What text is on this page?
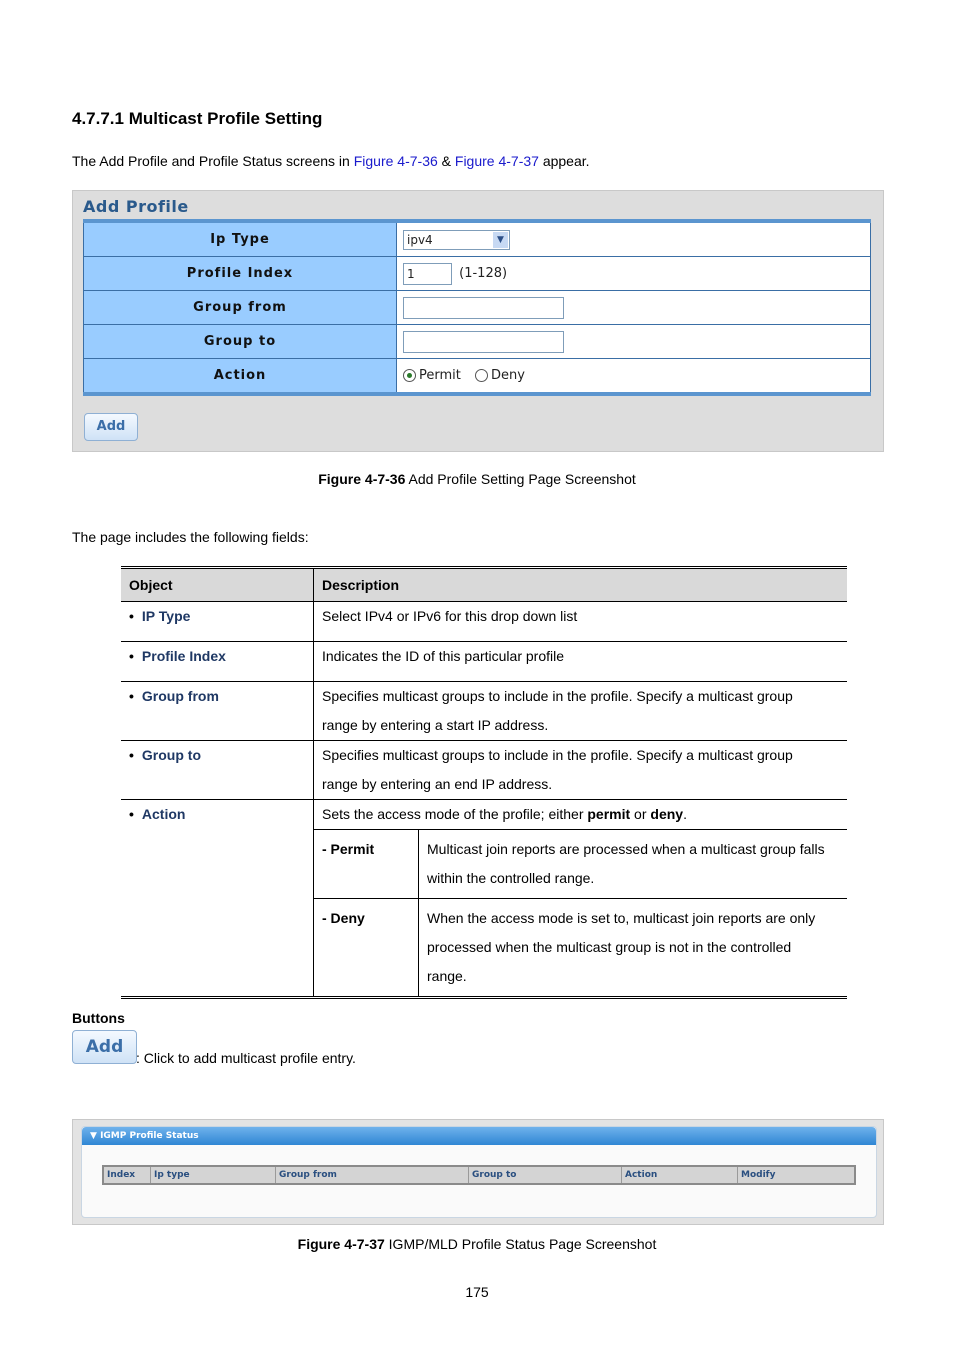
4.7.7.1 Multicast Profile Setting
The Add Profile and Profile Status screens in Figure 4-7-36 & Figure 4-7-37 appear.
Add Profile
Ip Type	ipv4 ▼

Profile Index	1 (1-128)
Group from	
Group to	
Action	Permit Deny
Add
Figure 4-7-36 Add Profile Setting Page Screenshot
The page includes the following fields:
Object	Description
• IP Type	Select IPv4 or IPv6 for this drop down list

• Profile Index	Indicates the ID of this particular profile

• Group from	Specifies multicast groups to include in the profile. Specify a multicast group
range by entering a start IP address.

• Group to	Specifies multicast groups to include in the profile. Specify a multicast group
range by entering an end IP address.

• Action	Sets the access mode of the profile; either permit or deny.
- Permit	Multicast join reports are processed when a multicast group falls
within the controlled range.

- Deny	When the access mode is set to, multicast join reports are only
processed when the multicast group is not in the controlled
range.
Buttons
Add
: Click to add multicast profile entry.
▼ IGMP Profile Status
Index	Ip type	Group from	Group to	Action	Modify
Figure 4-7-37 IGMP/MLD Profile Status Page Screenshot
175
